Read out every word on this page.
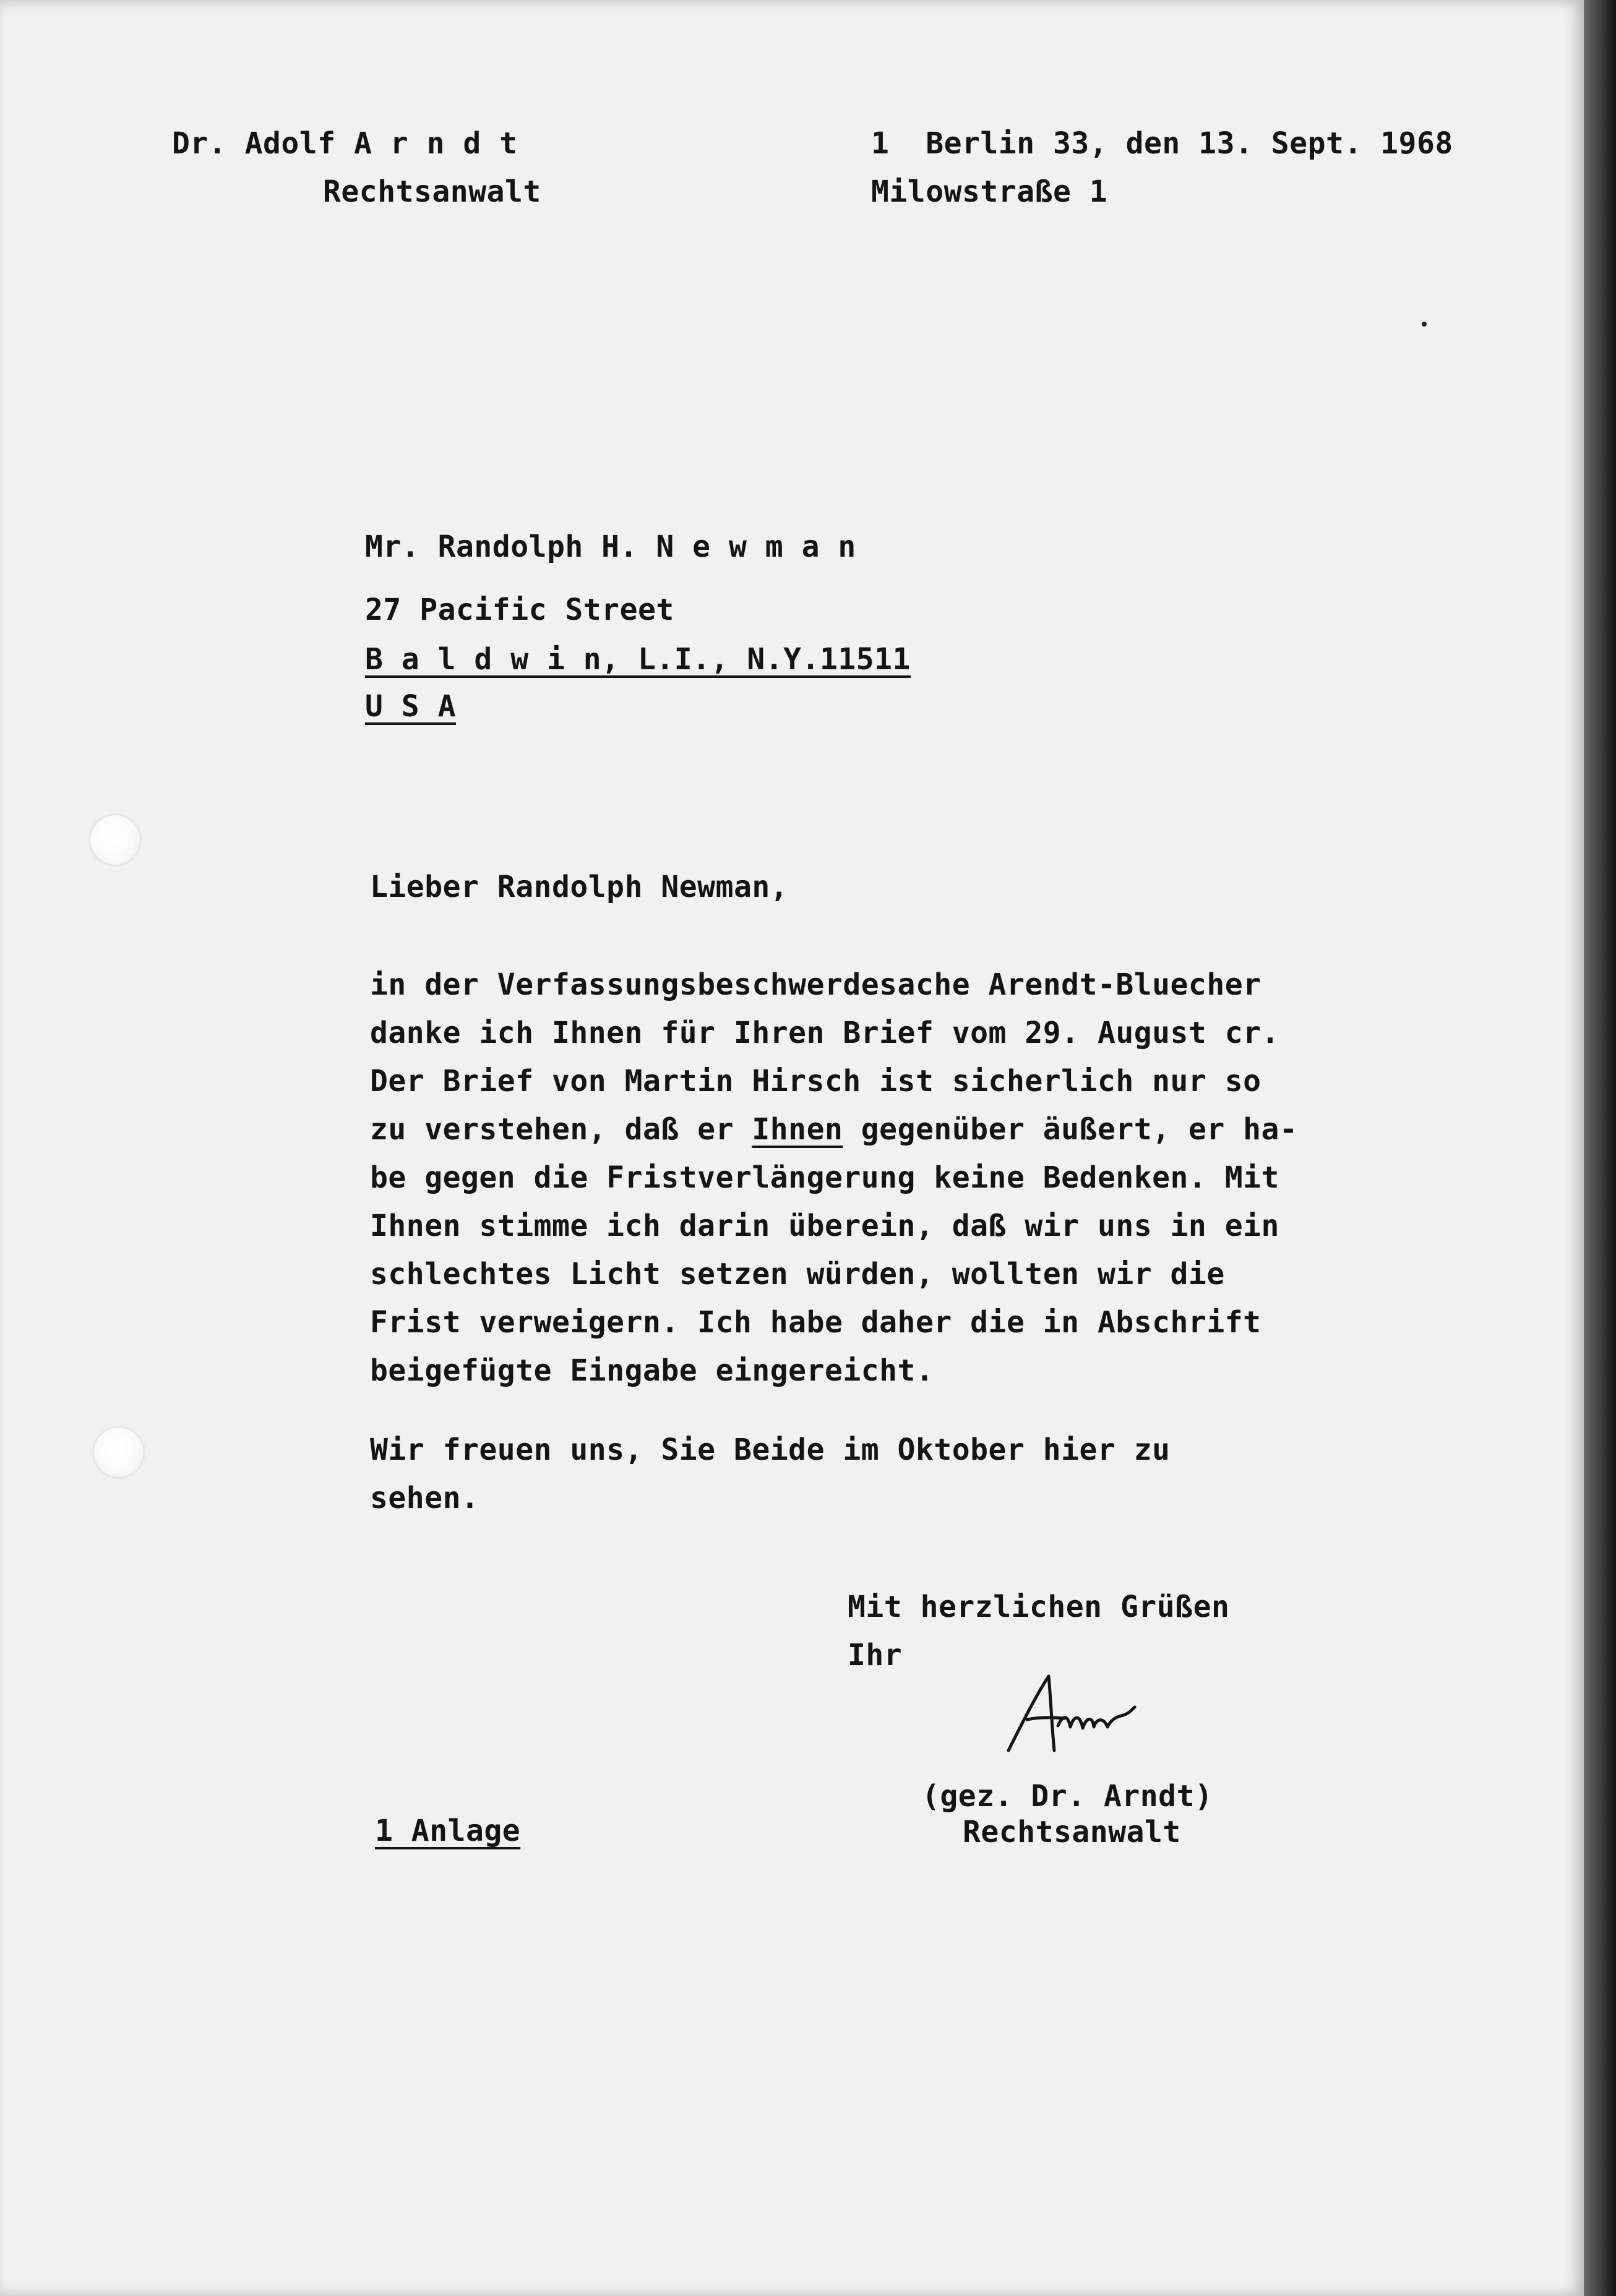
Dr. Adolf A r n d t

Rechtsanwalt

1  Berlin 33, den 13. Sept. 1968

Milowstraße 1

Mr. Randolph H. N e w m a n

27 Pacific Street

B a l d w i n, L.I., N.Y.11511

U S A

Lieber Randolph Newman,

in der Verfassungsbeschwerdesache Arendt-Bluecher

danke ich Ihnen für Ihren Brief vom 29. August cr.

Der Brief von Martin Hirsch ist sicherlich nur so

zu verstehen, daß er Ihnen gegenüber äußert, er ha-

be gegen die Fristverlängerung keine Bedenken. Mit

Ihnen stimme ich darin überein, daß wir uns in ein

schlechtes Licht setzen würden, wollten wir die

Frist verweigern. Ich habe daher die in Abschrift

beigefügte Eingabe eingereicht.

Wir freuen uns, Sie Beide im Oktober hier zu

sehen.

Mit herzlichen Grüßen

Ihr

(gez. Dr. Arndt)

Rechtsanwalt

1 Anlage
